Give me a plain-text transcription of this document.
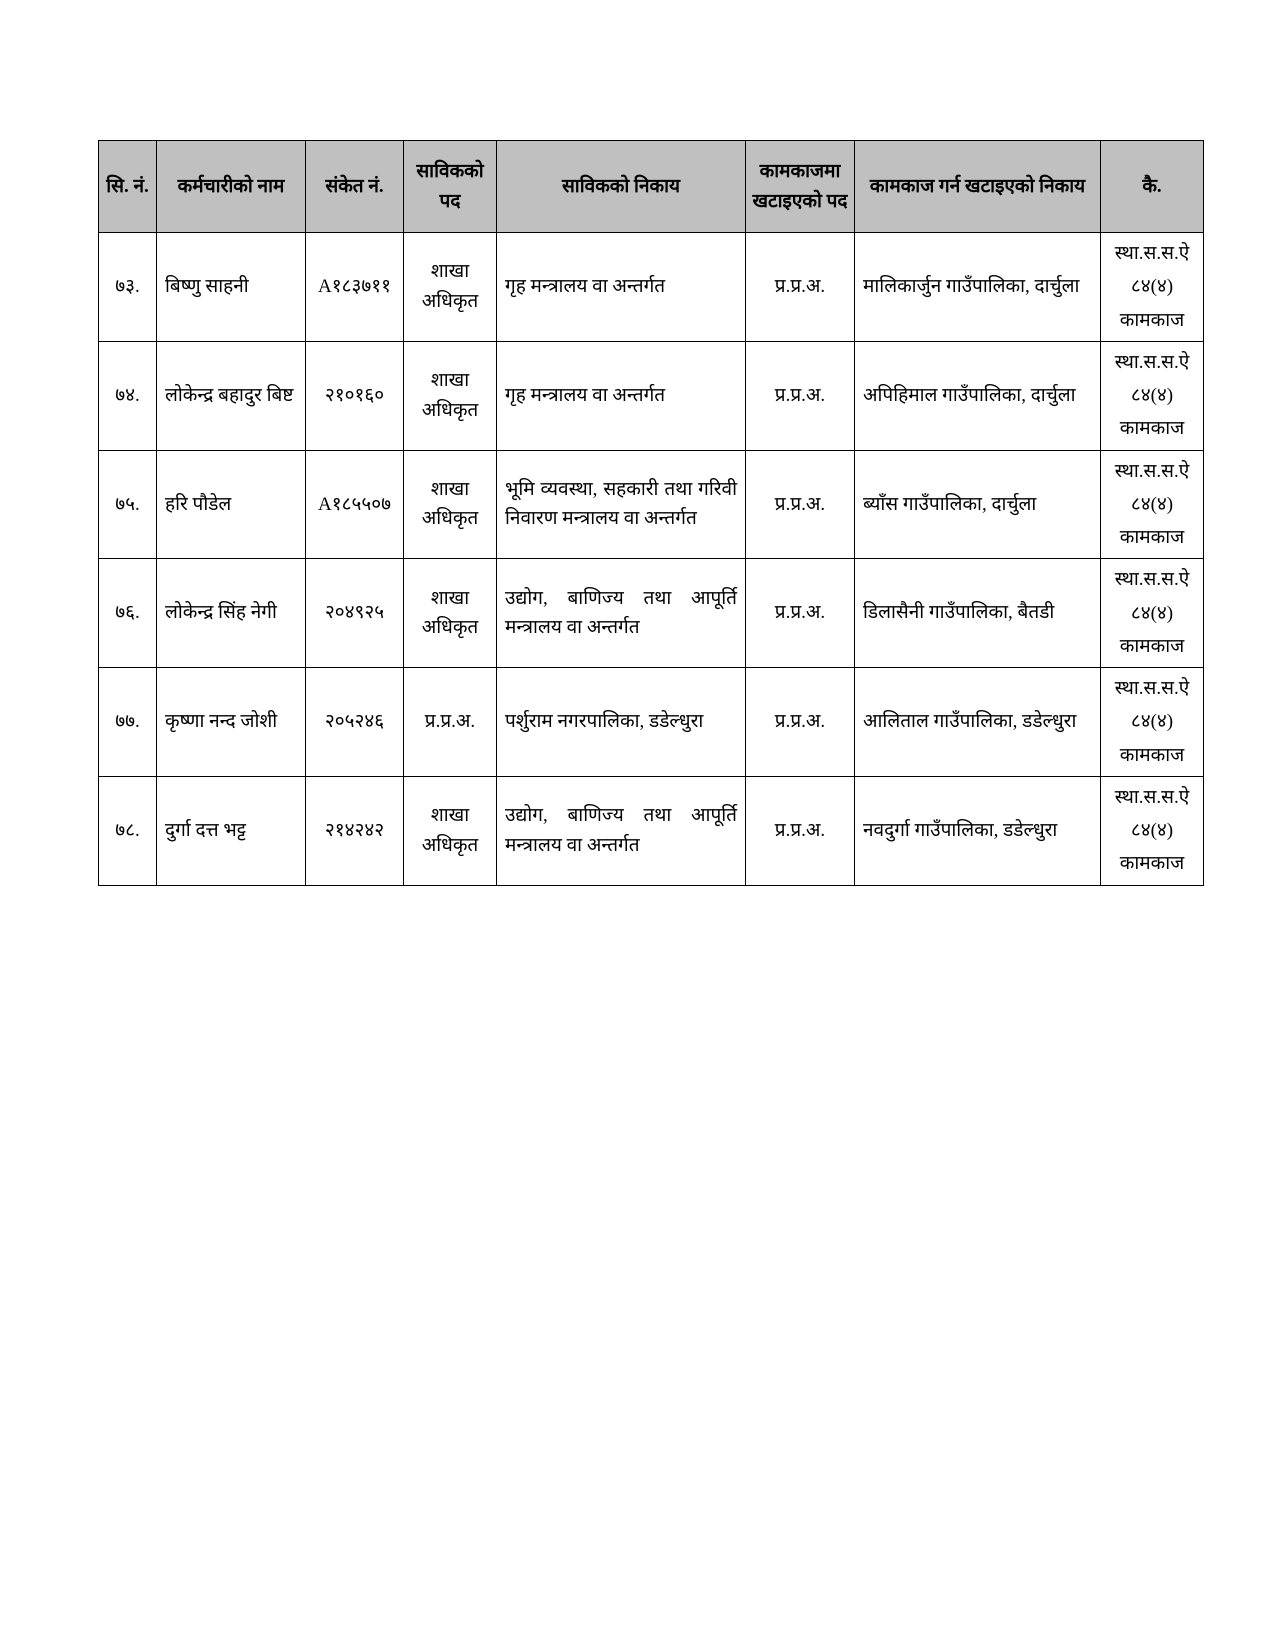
सि. नं.	कर्मचारीको नाम	संकेत नं.	साविकको पद	साविकको निकाय	कामकाजमा खटाइएको पद	कामकाज गर्न खटाइएको निकाय	कै.
७३.	बिष्णु साहनी	A१८३७११	शाखा अधिकृत	गृह मन्त्रालय वा अन्तर्गत	प्र.प्र.अ.	मालिकार्जुन गाउँपालिका, दार्चुला	स्था.स.स.ऐ ८४(४) कामकाज
७४.	लोकेन्द्र बहादुर बिष्ट	२१०१६०	शाखा अधिकृत	गृह मन्त्रालय वा अन्तर्गत	प्र.प्र.अ.	अपिहिमाल गाउँपालिका, दार्चुला	स्था.स.स.ऐ ८४(४) कामकाज
७५.	हरि पौडेल	A१८५५०७	शाखा अधिकृत	भूमि व्यवस्था, सहकारी तथा गरिवी निवारण मन्त्रालय वा अन्तर्गत	प्र.प्र.अ.	ब्याँस गाउँपालिका, दार्चुला	स्था.स.स.ऐ ८४(४) कामकाज
७६.	लोकेन्द्र सिंह नेगी	२०४९२५	शाखा अधिकृत	उद्योग, बाणिज्य तथा आपूर्ति मन्त्रालय वा अन्तर्गत	प्र.प्र.अ.	डिलासैनी गाउँपालिका, बैतडी	स्था.स.स.ऐ ८४(४) कामकाज
७७.	कृष्णा नन्द जोशी	२०५२४६	प्र.प्र.अ.	पर्शुराम नगरपालिका, डडेल्धुरा	प्र.प्र.अ.	आलिताल गाउँपालिका, डडेल्धुरा	स्था.स.स.ऐ ८४(४) कामकाज
७८.	दुर्गा दत्त भट्ट	२१४२४२	शाखा अधिकृत	उद्योग, बाणिज्य तथा आपूर्ति मन्त्रालय वा अन्तर्गत	प्र.प्र.अ.	नवदुर्गा गाउँपालिका, डडेल्धुरा	स्था.स.स.ऐ ८४(४) कामकाज
